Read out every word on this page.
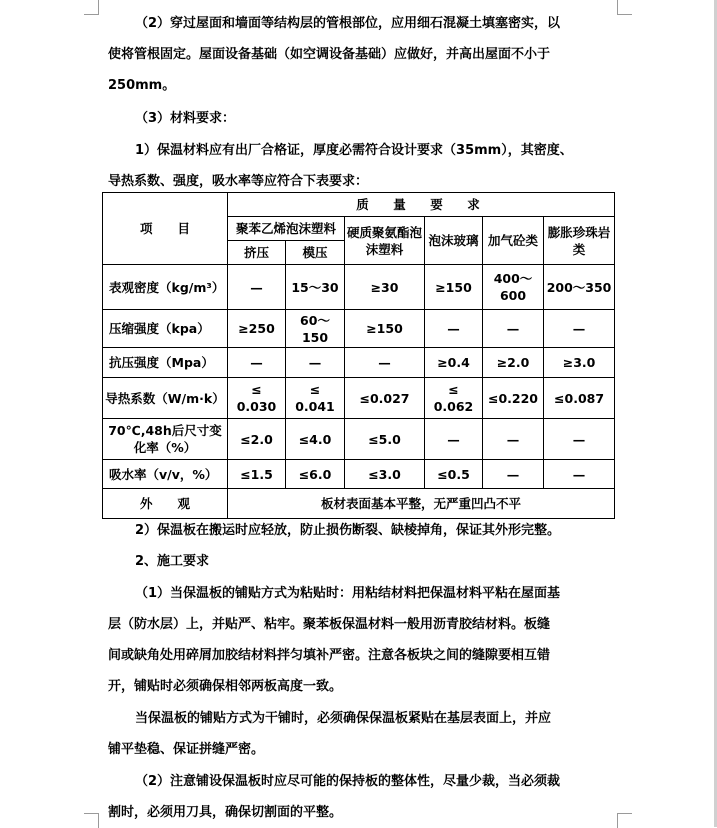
（2）穿过屋面和墙面等结构层的管根部位，应用细石混凝土填塞密实，以
使将管根固定。屋面设备基础（如空调设备基础）应做好，并高出屋面不小于
250mm。
（3）材料要求：
1）保温材料应有出厂合格证，厚度必需符合设计要求（35mm），其密度、
导热系数、强度，吸水率等应符合下表要求：
项　　目	质　量　要　求					
	聚苯乙烯泡沫塑料		硬质聚氨酯泡沫塑料	泡沫玻璃	加气砼类	膨胀珍珠岩类
	挤压	模压				
表观密度（kg/m³）	—	15～30	≥30	≥150	400～600	200～350
压缩强度（kpa）	≥250	60～150	≥150	—	—	—
抗压强度（Mpa）	—	—	—	≥0.4	≥2.0	≥3.0
导热系数（W/m·k）	≤ 0.030	≤ 0.041	≤0.027	≤ 0.062	≤0.220	≤0.087
70℃,48h后尺寸变化率（%）	≤2.0	≤4.0	≤5.0	—	—	—
吸水率（v/v，%）	≤1.5	≤6.0	≤3.0	≤0.5	—	—
外　　观	板材表面基本平整，无严重凹凸不平					
2）保温板在搬运时应轻放，防止损伤断裂、缺棱掉角，保证其外形完整。
2、施工要求
（1）当保温板的铺贴方式为粘贴时：用粘结材料把保温材料平粘在屋面基
层（防水层）上，并贴严、粘牢。聚苯板保温材料一般用沥青胶结材料。板缝
间或缺角处用碎屑加胶结材料拌匀填补严密。注意各板块之间的缝隙要相互错
开，铺贴时必须确保相邻两板高度一致。
当保温板的铺贴方式为干铺时，必须确保保温板紧贴在基层表面上，并应
铺平垫稳、保证拼缝严密。
（2）注意铺设保温板时应尽可能的保持板的整体性，尽量少裁，当必须裁
割时，必须用刀具，确保切割面的平整。
